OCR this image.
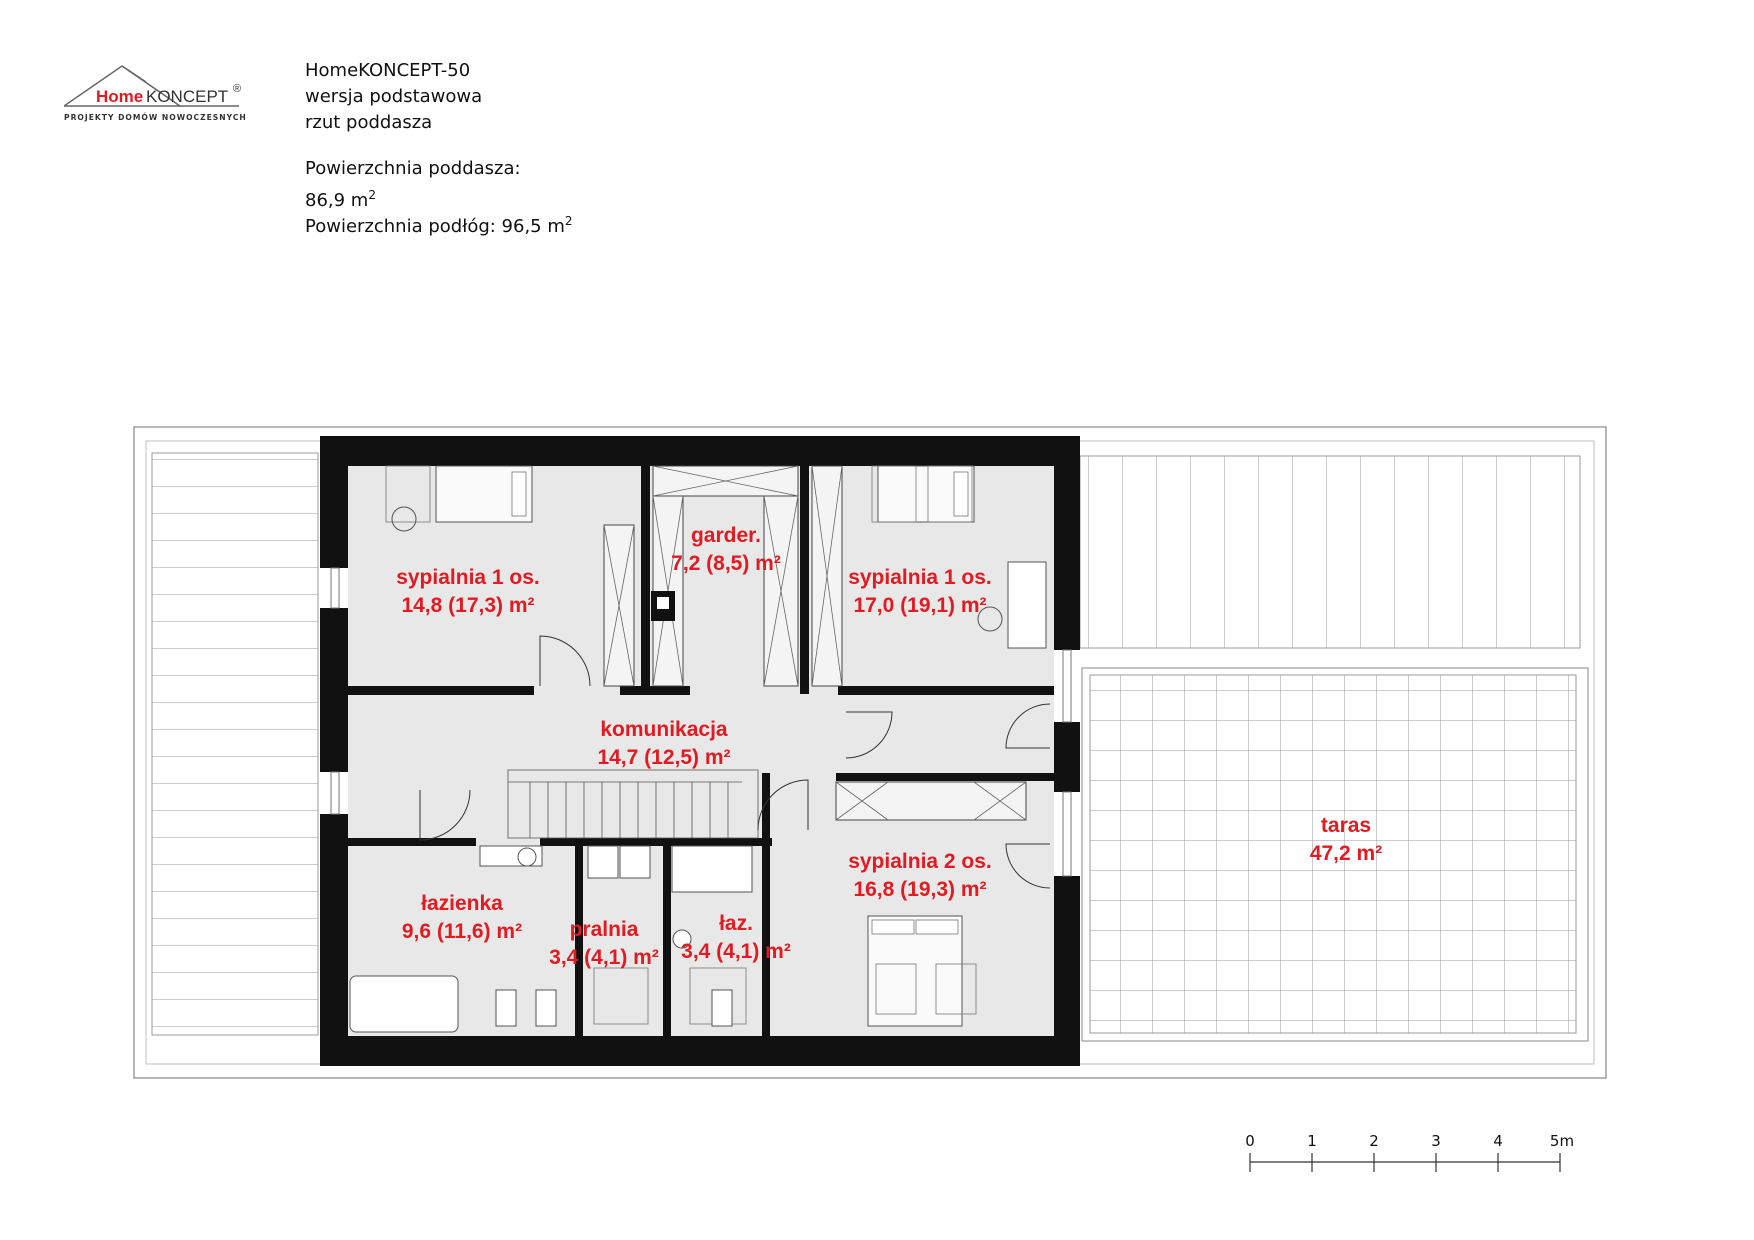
Home KONCEPT ®
PROJEKTY DOMÓW NOWOCZESNYCH
HomeKONCEPT-50
wersja podstawowa
rzut poddasza
Powierzchnia poddasza:
86,9 $m^2$
Powierzchnia podłóg: 96,5 $m^2$
sypialnia 1 os.
14,8 (17,3) m²
garder.
7,2 (8,5) m²
sypialnia 1 os.
17,0 (19,1) m²
komunikacja
14,7 (12,5) m²
łazienka
9,6 (11,6) m² pralnia
3,4 (4,1) m²
łaz.
3,4 (4,1) m²
sypialnia 2 os.
16,8 (19,3) m²
taras
47,2 m²
0	1	2	3	4	5m
